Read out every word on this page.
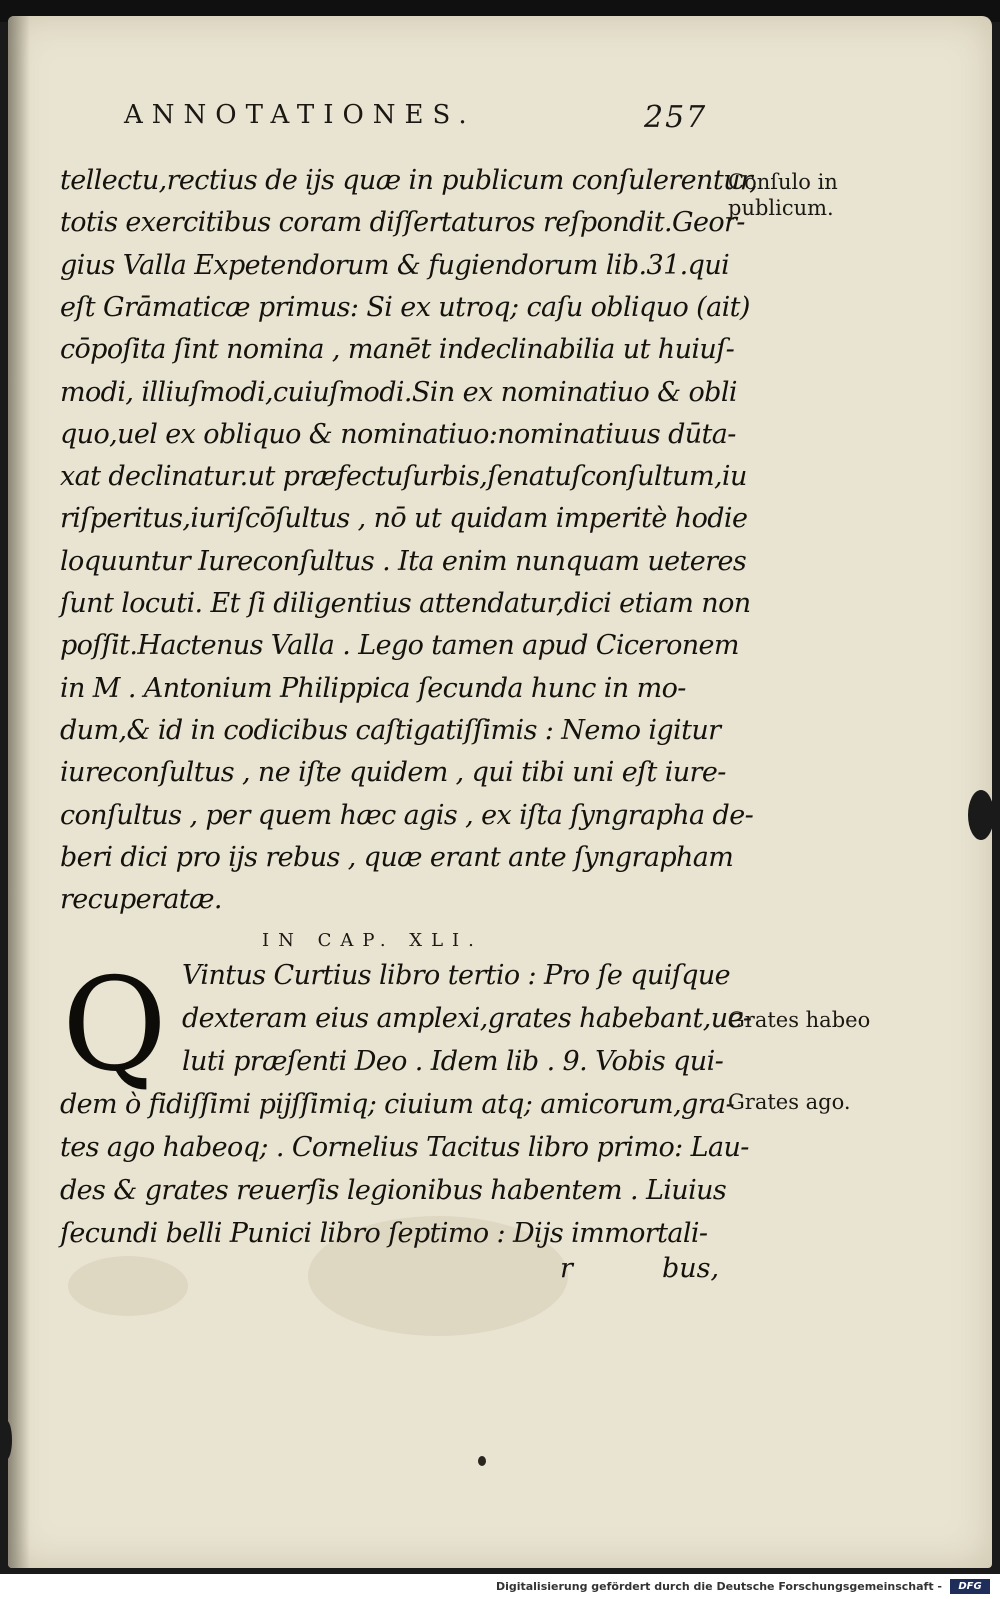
ANNOTATIONES.	257
tellectu,rectius de ijs quæ in publicum conſulerentur,
totis exercitibus coram diſſertaturos reſpondit.Geor-
gius Valla Expetendorum & fugiendorum lib.31.qui
eſt Grāmaticæ primus: Si ex utroq; caſu obliquo (ait)
cōpoſita ſint nomina , manēt indeclinabilia ut huiuſ-
modi, illiuſmodi,cuiuſmodi.Sin ex nominatiuo & obli
quo,uel ex obliquo & nominatiuo:nominatiuus dūta-
xat declinatur.ut præfectuſurbis,ſenatuſconſultum,iu
riſperitus,iuriſcōſultus , nō ut quidam imperitè hodie
loquuntur Iureconſultus . Ita enim nunquam ueteres
ſunt locuti. Et ſi diligentius attendatur,dici etiam non
poſſit.Hactenus Valla . Lego tamen apud Ciceronem
in M . Antonium Philippica ſecunda hunc in mo-
dum,& id in codicibus caſtigatiſſimis : Nemo igitur
iureconſultus , ne iſte quidem , qui tibi uni eſt iure-
conſultus , per quem hæc agis , ex iſta ſyngrapha de-
beri dici pro ijs rebus , quæ erant ante ſyngrapham
recuperatæ.
IN CAP. XLI.
Q Vintus Curtius libro tertio : Pro ſe quiſque
dexteram eius amplexi,grates habebant,ue-
luti præſenti Deo . Idem lib . 9. Vobis qui-
dem ò fidiſſimi pijſſimiq; ciuium atq; amicorum,gra-
tes ago habeoq; . Cornelius Tacitus libro primo: Lau-
des & grates reuerſis legionibus habentem . Liuius
ſecundi belli Punici libro ſeptimo : Dijs immortali-
Conſulo in
publicum.
Grates habeo
Grates ago.
r	bus,
Digitalisierung gefördert durch die Deutsche Forschungsgemeinschaft -	DFG
